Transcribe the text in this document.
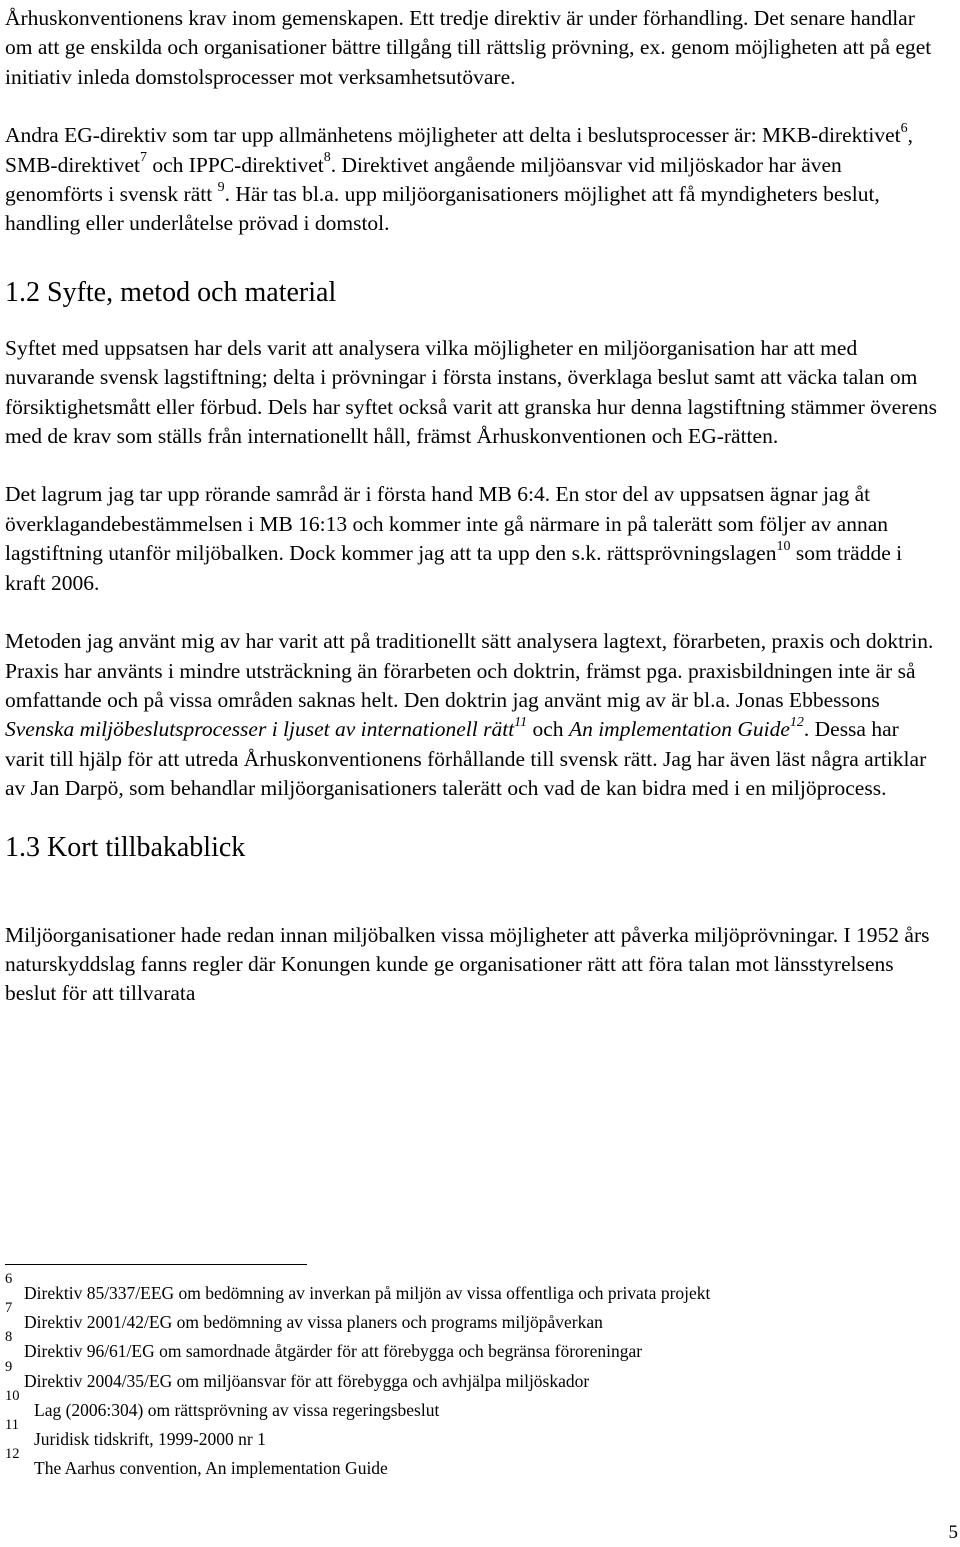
Århuskonventionens krav inom gemenskapen. Ett tredje direktiv är under förhandling. Det senare handlar om att ge enskilda och organisationer bättre tillgång till rättslig prövning, ex. genom möjligheten att på eget initiativ inleda domstolsprocesser mot verksamhetsutövare.

Andra EG-direktiv som tar upp allmänhetens möjligheter att delta i beslutsprocesser är: MKB-direktivet$^6$, SMB-direktivet$^7$ och IPPC-direktivet$^8$. Direktivet angående miljöansvar vid miljöskador har även genomförts i svensk rätt $^9$. Här tas bl.a. upp miljöorganisationers möjlighet att få myndigheters beslut, handling eller underlåtelse prövad i domstol.

1.2 Syfte, metod och material

Syftet med uppsatsen har dels varit att analysera vilka möjligheter en miljöorganisation har att med nuvarande svensk lagstiftning; delta i prövningar i första instans, överklaga beslut samt att väcka talan om försiktighetsmått eller förbud. Dels har syftet också varit att granska hur denna lagstiftning stämmer överens med de krav som ställs från internationellt håll, främst Århuskonventionen och EG-rätten.

Det lagrum jag tar upp rörande samråd är i första hand MB 6:4. En stor del av uppsatsen ägnar jag åt överklagandebestämmelsen i MB 16:13 och kommer inte gå närmare in på talerätt som följer av annan lagstiftning utanför miljöbalken. Dock kommer jag att ta upp den s.k. rättsprövningslagen$^{10}$ som trädde i kraft 2006.

Metoden jag använt mig av har varit att på traditionellt sätt analysera lagtext, förarbeten, praxis och doktrin. Praxis har använts i mindre utsträckning än förarbeten och doktrin, främst pga. praxisbildningen inte är så omfattande och på vissa områden saknas helt. Den doktrin jag använt mig av är bl.a. Jonas Ebbessons Svenska miljöbeslutsprocesser i ljuset av internationell rätt$^{11}$ och An implementation Guide$^{12}$. Dessa har varit till hjälp för att utreda Århuskonventionens förhållande till svensk rätt. Jag har även läst några artiklar av Jan Darpö, som behandlar miljöorganisationers talerätt och vad de kan bidra med i en miljöprocess.

1.3 Kort tillbakablick

Miljöorganisationer hade redan innan miljöbalken vissa möjligheter att påverka miljöprövningar. I 1952 års naturskyddslag fanns regler där Konungen kunde ge organisationer rätt att föra talan mot länsstyrelsens beslut för att tillvarata

6
Direktiv 85/337/EEG om bedömning av inverkan på miljön av vissa offentliga och privata projekt
7
Direktiv 2001/42/EG om bedömning av vissa planers och programs miljöpåverkan
8
Direktiv 96/61/EG om samordnade åtgärder för att förebygga och begränsa föroreningar
9
Direktiv 2004/35/EG om miljöansvar för att förebygga och avhjälpa miljöskador
10
Lag (2006:304) om rättsprövning av vissa regeringsbeslut
11
Juridisk tidskrift, 1999-2000 nr 1
12
The Aarhus convention, An implementation Guide
5
